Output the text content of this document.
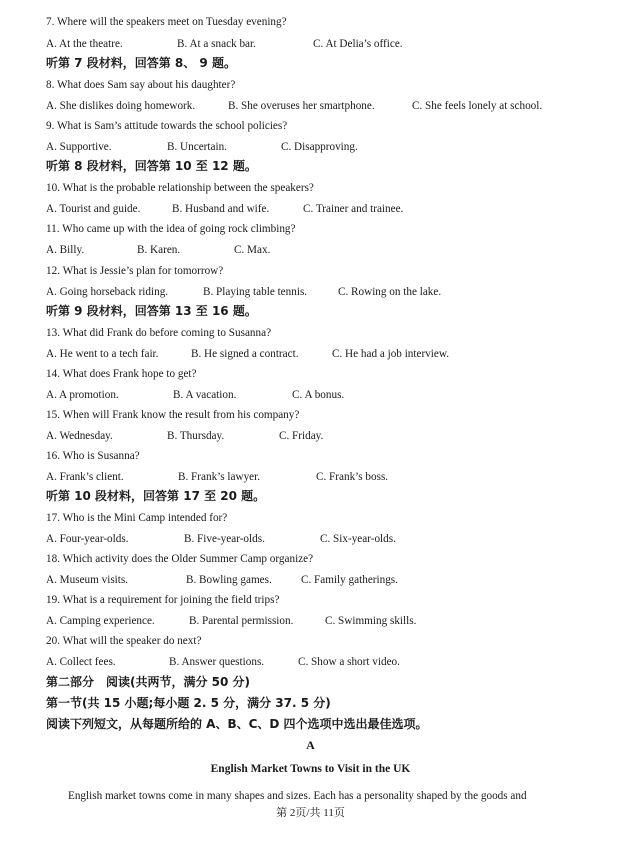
7. Where will the speakers meet on Tuesday evening?
A. At the theatre.	B. At a snack bar.	C. At Delia’s office.
听第 7 段材料，回答第 8、 9 题。
8. What does Sam say about his daughter?
A. She dislikes doing homework.	B. She overuses her smartphone.	C. She feels lonely at school.
9. What is Sam’s attitude towards the school policies?
A. Supportive.	B. Uncertain.	C. Disapproving.
听第 8 段材料，回答第 10 至 12 题。
10. What is the probable relationship between the speakers?
A. Tourist and guide.	B. Husband and wife.	C. Trainer and trainee.
11. Who came up with the idea of going rock climbing?
A. Billy.	B. Karen.	C. Max.
12. What is Jessie’s plan for tomorrow?
A. Going horseback riding.	B. Playing table tennis.	C. Rowing on the lake.
听第 9 段材料，回答第 13 至 16 题。
13. What did Frank do before coming to Susanna?
A. He went to a tech fair.	B. He signed a contract.	C. He had a job interview.
14. What does Frank hope to get?
A. A promotion.	B. A vacation.	C. A bonus.
15. When will Frank know the result from his company?
A. Wednesday.	B. Thursday.	C. Friday.
16. Who is Susanna?
A. Frank’s client.	B. Frank’s lawyer.	C. Frank’s boss.
听第 10 段材料，回答第 17 至 20 题。
17. Who is the Mini Camp intended for?
A. Four-year-olds.	B. Five-year-olds.	C. Six-year-olds.
18. Which activity does the Older Summer Camp organize?
A. Museum visits.	B. Bowling games.	C. Family gatherings.
19. What is a requirement for joining the field trips?
A. Camping experience.	B. Parental permission.	C. Swimming skills.
20. What will the speaker do next?
A. Collect fees.	B. Answer questions.	C. Show a short video.
第二部分　阅读(共两节，满分 50 分)
第一节(共 15 小题;每小题 2. 5 分，满分 37. 5 分)
阅读下列短文，从每题所给的 A、B、C、D 四个选项中选出最佳选项。
A
English Market Towns to Visit in the UK
English market towns come in many shapes and sizes. Each has a personality shaped by the goods and
第 2页/共 11页
